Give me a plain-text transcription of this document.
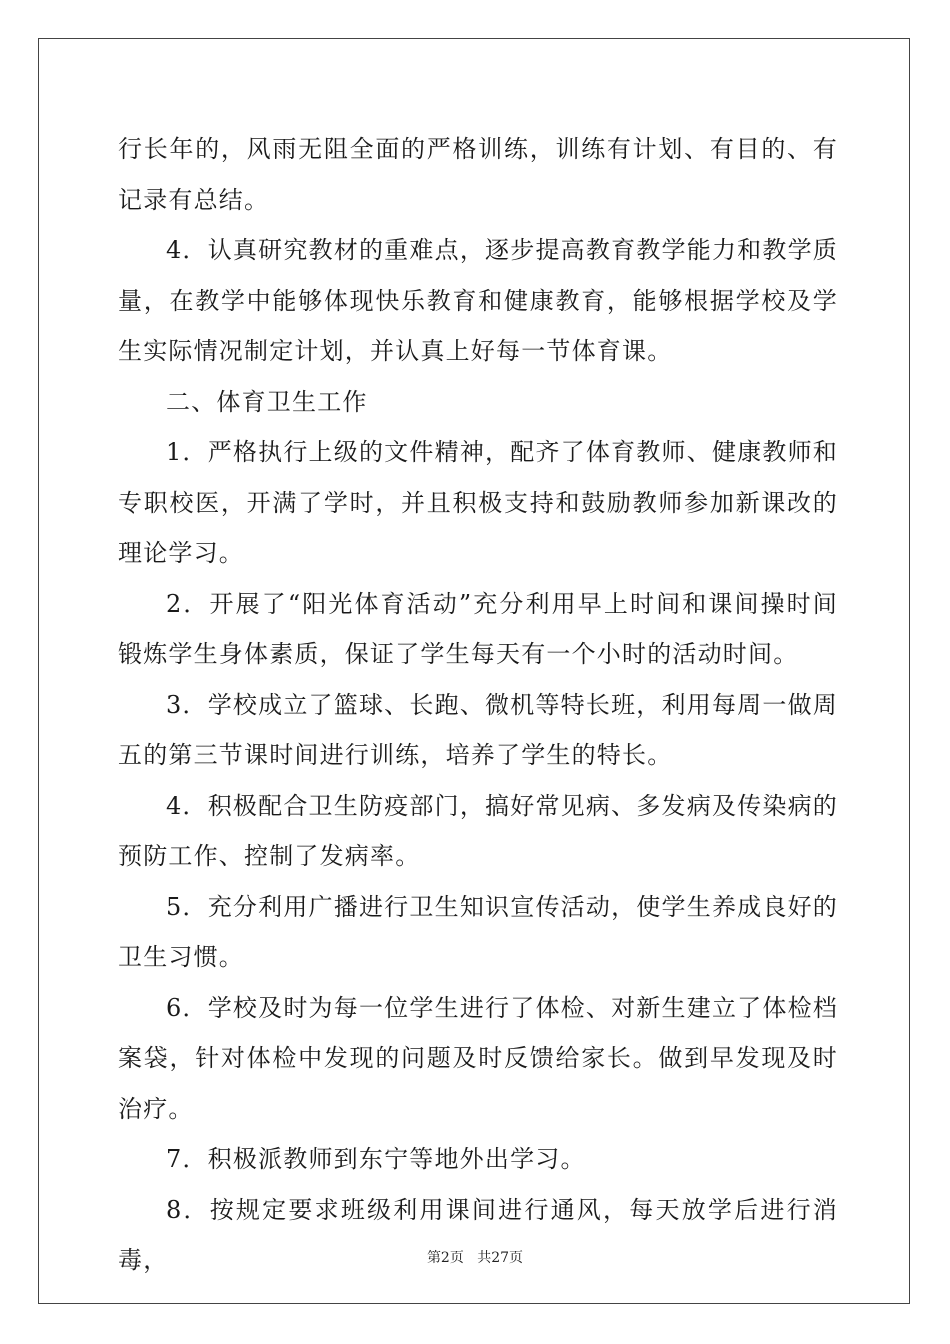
行长年的，风雨无阻全面的严格训练，训练有计划、有目的、有记录有总结。

4．认真研究教材的重难点，逐步提高教育教学能力和教学质量，在教学中能够体现快乐教育和健康教育，能够根据学校及学生实际情况制定计划，并认真上好每一节体育课。

二、体育卫生工作

1．严格执行上级的文件精神，配齐了体育教师、健康教师和专职校医，开满了学时，并且积极支持和鼓励教师参加新课改的理论学习。

2．开展了“阳光体育活动”充分利用早上时间和课间操时间锻炼学生身体素质，保证了学生每天有一个小时的活动时间。

3．学校成立了篮球、长跑、微机等特长班，利用每周一做周五的第三节课时间进行训练，培养了学生的特长。

4．积极配合卫生防疫部门，搞好常见病、多发病及传染病的预防工作、控制了发病率。

5．充分利用广播进行卫生知识宣传活动，使学生养成良好的卫生习惯。

6．学校及时为每一位学生进行了体检、对新生建立了体检档案袋，针对体检中发现的问题及时反馈给家长。做到早发现及时治疗。

7．积极派教师到东宁等地外出学习。

8．按规定要求班级利用课间进行通风，每天放学后进行消毒，	第2页 共27页
